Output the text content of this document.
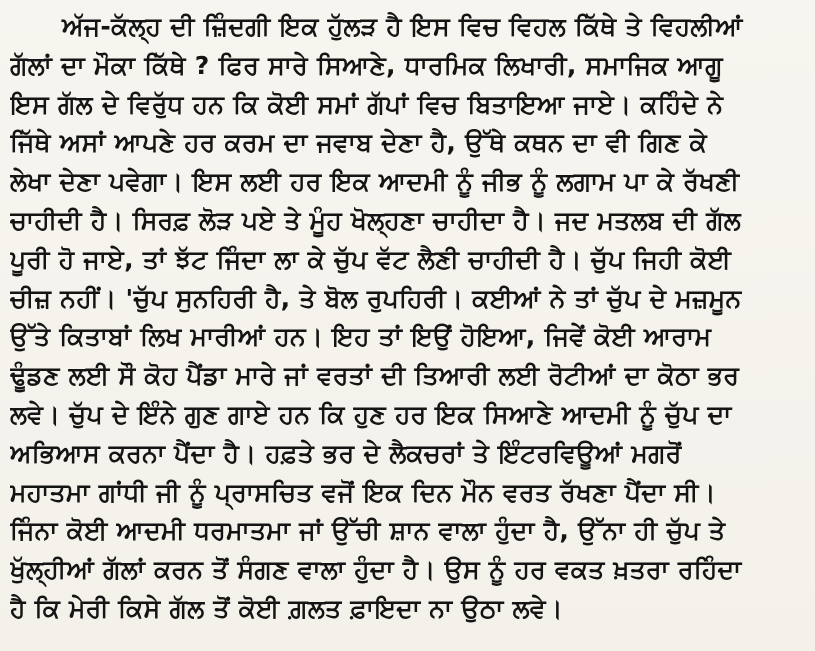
ਅੱਜ-ਕੱਲ੍ਹ ਦੀ ਜ਼ਿੰਦਗੀ ਇਕ ਹੁੱਲੜ ਹੈ ਇਸ ਵਿਚ ਵਿਹਲ ਕਿੱਥੇ ਤੇ ਵਿਹਲੀਆਂ
ਗੱਲਾਂ ਦਾ ਮੌਕਾ ਕਿੱਥੇ ? ਫਿਰ ਸਾਰੇ ਸਿਆਣੇ, ਧਾਰਮਿਕ ਲਿਖਾਰੀ, ਸਮਾਜਿਕ ਆਗੂ
ਇਸ ਗੱਲ ਦੇ ਵਿਰੁੱਧ ਹਨ ਕਿ ਕੋਈ ਸਮਾਂ ਗੱਪਾਂ ਵਿਚ ਬਿਤਾਇਆ ਜਾਏ। ਕਹਿੰਦੇ ਨੇ
ਜਿੱਥੇ ਅਸਾਂ ਆਪਣੇ ਹਰ ਕਰਮ ਦਾ ਜਵਾਬ ਦੇਣਾ ਹੈ, ਉੱਥੇ ਕਥਨ ਦਾ ਵੀ ਗਿਣ ਕੇ
ਲੇਖਾ ਦੇਣਾ ਪਵੇਗਾ। ਇਸ ਲਈ ਹਰ ਇਕ ਆਦਮੀ ਨੂੰ ਜੀਭ ਨੂੰ ਲਗਾਮ ਪਾ ਕੇ ਰੱਖਣੀ
ਚਾਹੀਦੀ ਹੈ। ਸਿਰਫ਼ ਲੋੜ ਪਏ ਤੇ ਮੂੰਹ ਖੋਲ੍ਹਣਾ ਚਾਹੀਦਾ ਹੈ। ਜਦ ਮਤਲਬ ਦੀ ਗੱਲ
ਪੂਰੀ ਹੋ ਜਾਏ, ਤਾਂ ਝੱਟ ਜਿੰਦਾ ਲਾ ਕੇ ਚੁੱਪ ਵੱਟ ਲੈਣੀ ਚਾਹੀਦੀ ਹੈ। ਚੁੱਪ ਜਿਹੀ ਕੋਈ
ਚੀਜ਼ ਨਹੀਂ। 'ਚੁੱਪ ਸੁਨਹਿਰੀ ਹੈ, ਤੇ ਬੋਲ ਰੁਪਹਿਰੀ। ਕਈਆਂ ਨੇ ਤਾਂ ਚੁੱਪ ਦੇ ਮਜ਼ਮੂਨ
ਉੱਤੇ ਕਿਤਾਬਾਂ ਲਿਖ ਮਾਰੀਆਂ ਹਨ। ਇਹ ਤਾਂ ਇਉਂ ਹੋਇਆ, ਜਿਵੇਂ ਕੋਈ ਆਰਾਮ
ਢੂੰਡਣ ਲਈ ਸੌ ਕੋਹ ਪੈਂਡਾ ਮਾਰੇ ਜਾਂ ਵਰਤਾਂ ਦੀ ਤਿਆਰੀ ਲਈ ਰੋਟੀਆਂ ਦਾ ਕੋਠਾ ਭਰ
ਲਵੇ। ਚੁੱਪ ਦੇ ਇੰਨੇ ਗੁਣ ਗਾਏ ਹਨ ਕਿ ਹੁਣ ਹਰ ਇਕ ਸਿਆਣੇ ਆਦਮੀ ਨੂੰ ਚੁੱਪ ਦਾ
ਅਭਿਆਸ ਕਰਨਾ ਪੈਂਦਾ ਹੈ। ਹਫ਼ਤੇ ਭਰ ਦੇ ਲੈਕਚਰਾਂ ਤੇ ਇੰਟਰਵਿਊਆਂ ਮਗਰੋਂ
ਮਹਾਤਮਾ ਗਾਂਧੀ ਜੀ ਨੂੰ ਪ੍ਰਾਸਚਿਤ ਵਜੋਂ ਇਕ ਦਿਨ ਮੌਨ ਵਰਤ ਰੱਖਣਾ ਪੈਂਦਾ ਸੀ।
ਜਿੰਨਾ ਕੋਈ ਆਦਮੀ ਧਰਮਾਤਮਾ ਜਾਂ ਉੱਚੀ ਸ਼ਾਨ ਵਾਲਾ ਹੁੰਦਾ ਹੈ, ਉੱਨਾ ਹੀ ਚੁੱਪ ਤੇ
ਖੁੱਲ੍ਹੀਆਂ ਗੱਲਾਂ ਕਰਨ ਤੋਂ ਸੰਗਣ ਵਾਲਾ ਹੁੰਦਾ ਹੈ। ਉਸ ਨੂੰ ਹਰ ਵਕਤ ਖ਼ਤਰਾ ਰਹਿੰਦਾ
ਹੈ ਕਿ ਮੇਰੀ ਕਿਸੇ ਗੱਲ ਤੋਂ ਕੋਈ ਗ਼ਲਤ ਫ਼ਾਇਦਾ ਨਾ ਉਠਾ ਲਵੇ।
